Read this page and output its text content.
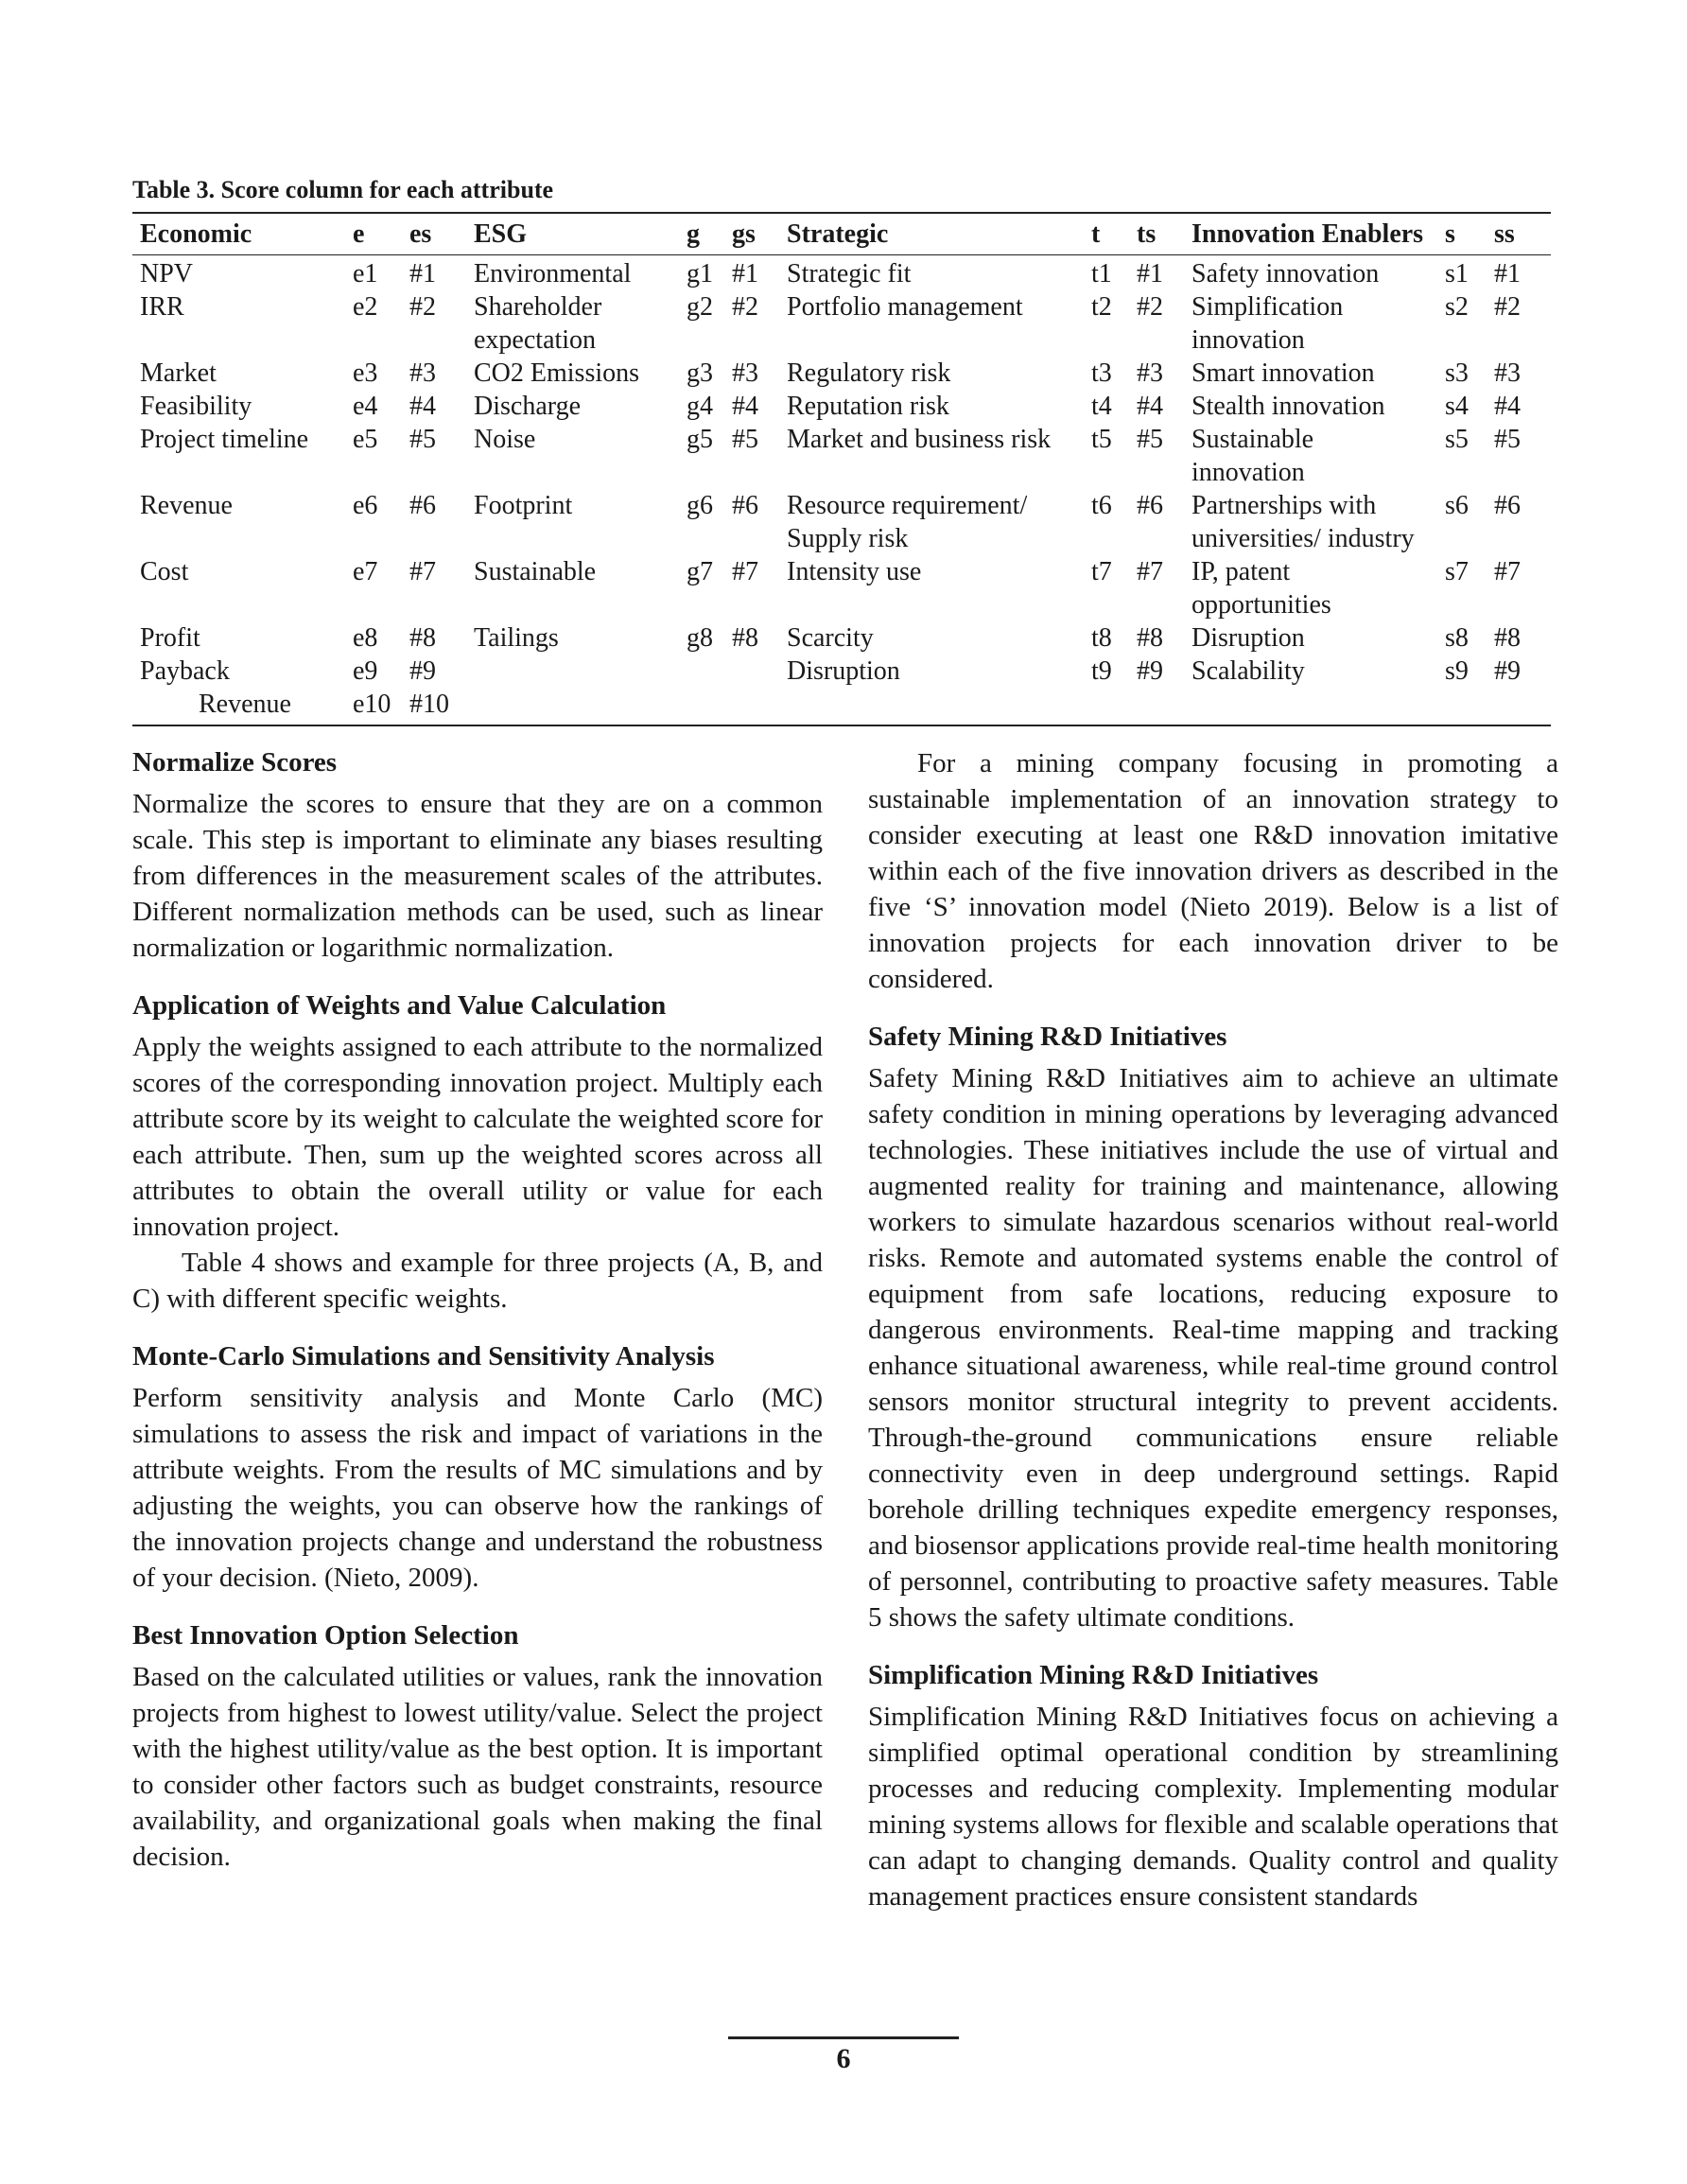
Table 3. Score column for each attribute
Economic	e	es	ESG	g	gs	Strategic	t	ts	Innovation Enablers	s	ss
NPV	e1	#1	Environmental	g1	#1	Strategic fit	t1	#1	Safety innovation	s1	#1
IRR	e2	#2	Shareholder expectation	g2	#2	Portfolio management	t2	#2	Simplification innovation	s2	#2
Market	e3	#3	CO2 Emissions	g3	#3	Regulatory risk	t3	#3	Smart innovation	s3	#3
Feasibility	e4	#4	Discharge	g4	#4	Reputation risk	t4	#4	Stealth innovation	s4	#4
Project timeline	e5	#5	Noise	g5	#5	Market and business risk	t5	#5	Sustainable innovation	s5	#5
Revenue	e6	#6	Footprint	g6	#6	Resource requirement/ Supply risk	t6	#6	Partnerships with universities/ industry	s6	#6
Cost	e7	#7	Sustainable	g7	#7	Intensity use	t7	#7	IP, patent opportunities	s7	#7
Profit	e8	#8	Tailings	g8	#8	Scarcity	t8	#8	Disruption	s8	#8
Payback	e9	#9				Disruption	t9	#9	Scalability	s9	#9
Revenue	e10	#10									
Normalize Scores

Normalize the scores to ensure that they are on a common scale. This step is important to eliminate any biases resulting from differences in the measurement scales of the attributes. Different normalization methods can be used, such as linear normalization or logarithmic normalization.

Application of Weights and Value Calculation

Apply the weights assigned to each attribute to the normalized scores of the corresponding innovation project. Multiply each attribute score by its weight to calculate the weighted score for each attribute. Then, sum up the weighted scores across all attributes to obtain the overall utility or value for each innovation project.

Table 4 shows and example for three projects (A, B, and C) with different specific weights.

Monte-Carlo Simulations and Sensitivity Analysis

Perform sensitivity analysis and Monte Carlo (MC) simulations to assess the risk and impact of variations in the attribute weights. From the results of MC simulations and by adjusting the weights, you can observe how the rankings of the innovation projects change and understand the robustness of your decision. (Nieto, 2009).

Best Innovation Option Selection

Based on the calculated utilities or values, rank the innovation projects from highest to lowest utility/value. Select the project with the highest utility/value as the best option. It is important to consider other factors such as budget constraints, resource availability, and organizational goals when making the final decision.

For a mining company focusing in promoting a sustainable implementation of an innovation strategy to consider executing at least one R&D innovation imitative within each of the five innovation drivers as described in the five ‘S’ innovation model (Nieto 2019). Below is a list of innovation projects for each innovation driver to be considered.

Safety Mining R&D Initiatives

Safety Mining R&D Initiatives aim to achieve an ultimate safety condition in mining operations by leveraging advanced technologies. These initiatives include the use of virtual and augmented reality for training and maintenance, allowing workers to simulate hazardous scenarios without real-world risks. Remote and automated systems enable the control of equipment from safe locations, reducing exposure to dangerous environments. Real-time mapping and tracking enhance situational awareness, while real-time ground control sensors monitor structural integrity to prevent accidents. Through-the-ground communications ensure reliable connectivity even in deep underground settings. Rapid borehole drilling techniques expedite emergency responses, and biosensor applications provide real-time health monitoring of personnel, contributing to proactive safety measures. Table 5 shows the safety ultimate conditions.

Simplification Mining R&D Initiatives

Simplification Mining R&D Initiatives focus on achieving a simplified optimal operational condition by streamlining processes and reducing complexity. Implementing modular mining systems allows for flexible and scalable operations that can adapt to changing demands. Quality control and quality management practices ensure consistent standards

6
